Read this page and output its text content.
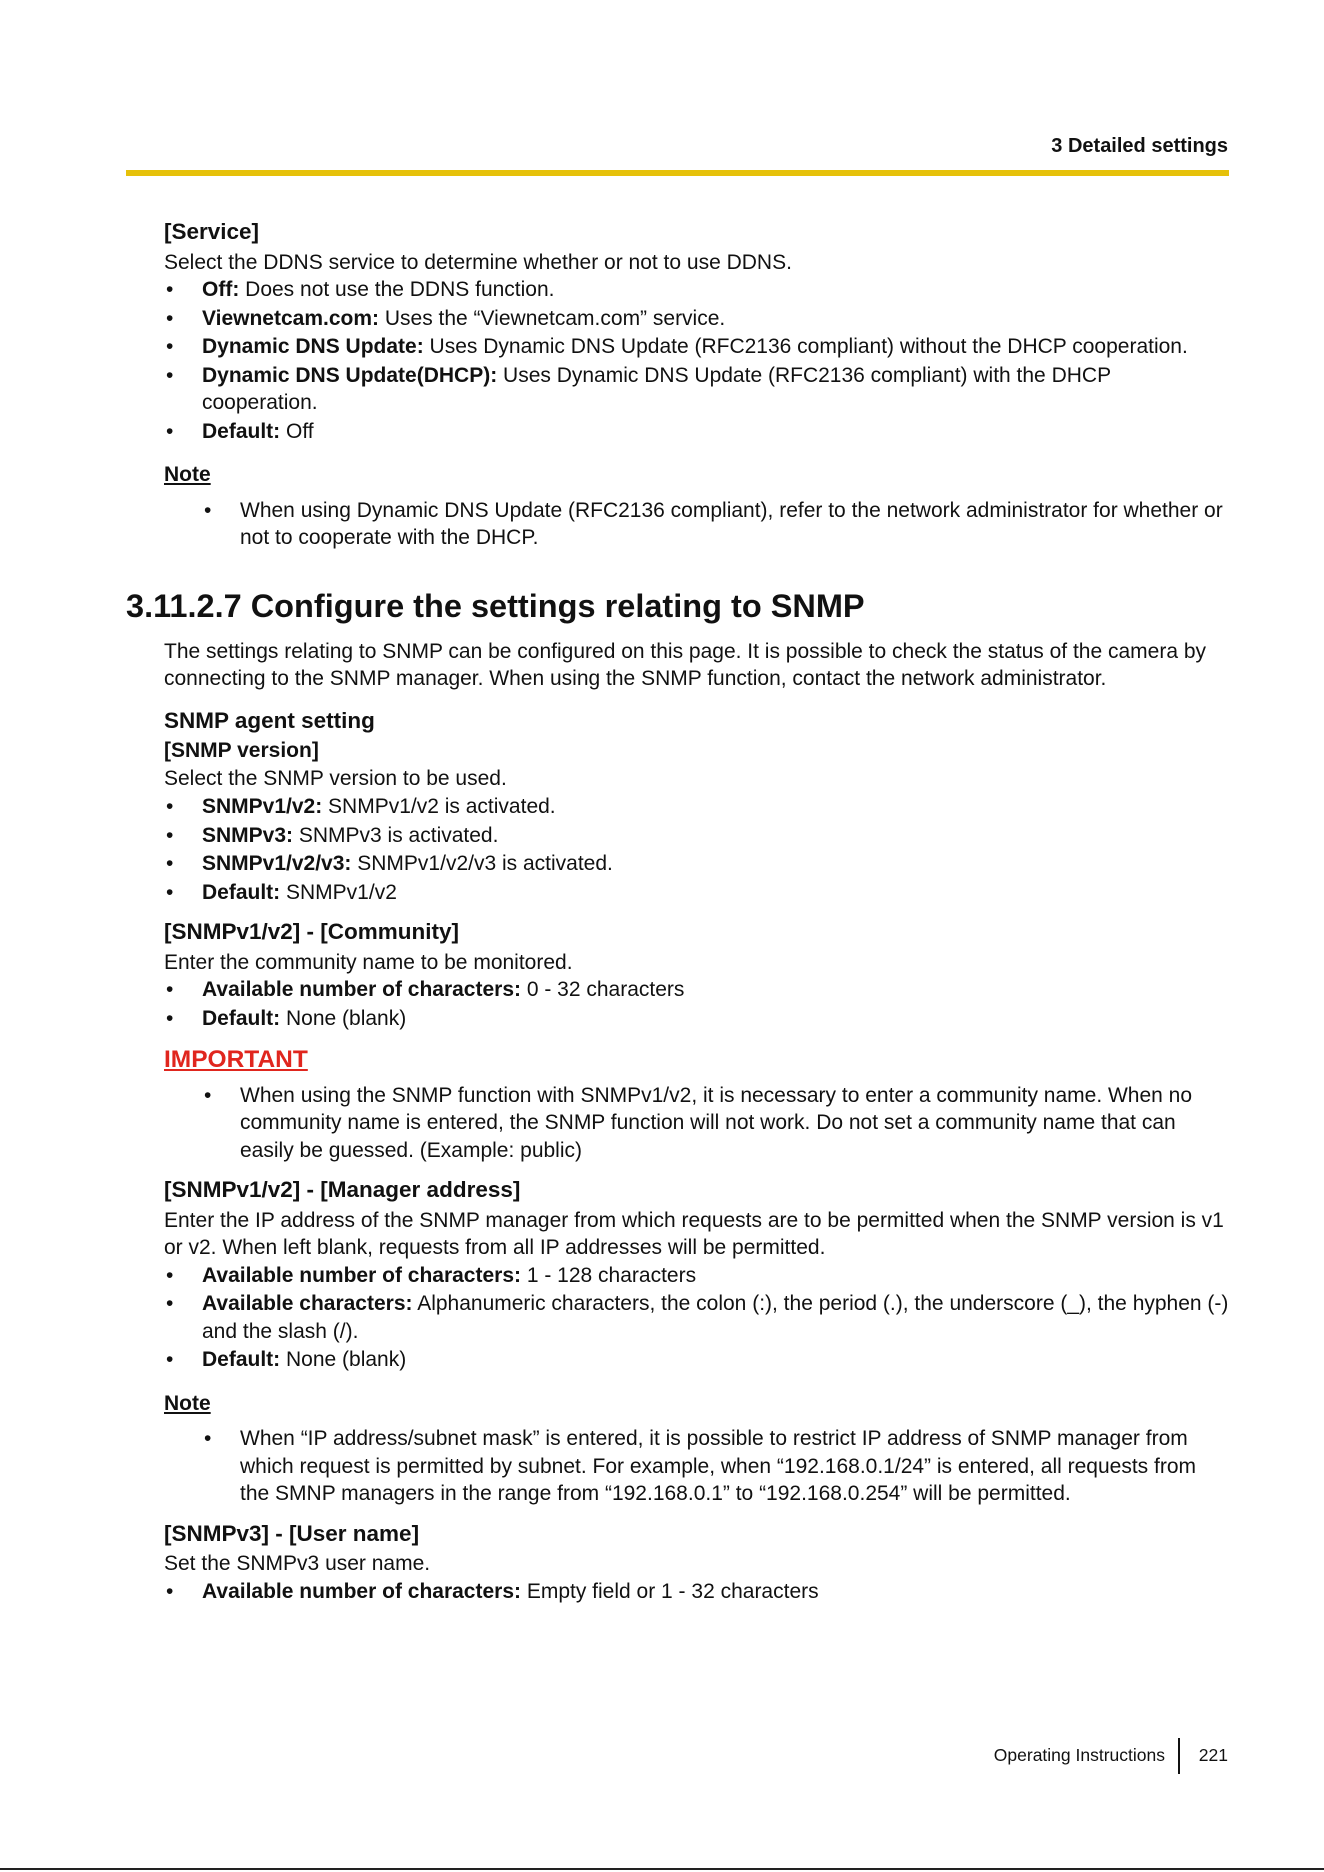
3 Detailed settings

[Service]

Select the DDNS service to determine whether or not to use DDNS.

• Off: Does not use the DDNS function.
• Viewnetcam.com: Uses the “Viewnetcam.com” service.
• Dynamic DNS Update: Uses Dynamic DNS Update (RFC2136 compliant) without the DHCP cooperation.
• Dynamic DNS Update(DHCP): Uses Dynamic DNS Update (RFC2136 compliant) with the DHCP cooperation.
• Default: Off

Note

• When using Dynamic DNS Update (RFC2136 compliant), refer to the network administrator for whether or not to cooperate with the DHCP.

3.11.2.7 Configure the settings relating to SNMP

The settings relating to SNMP can be configured on this page. It is possible to check the status of the camera by connecting to the SNMP manager. When using the SNMP function, contact the network administrator.

SNMP agent setting

[SNMP version]

Select the SNMP version to be used.

• SNMPv1/v2: SNMPv1/v2 is activated.
• SNMPv3: SNMPv3 is activated.
• SNMPv1/v2/v3: SNMPv1/v2/v3 is activated.
• Default: SNMPv1/v2

[SNMPv1/v2] - [Community]

Enter the community name to be monitored.

• Available number of characters: 0 - 32 characters
• Default: None (blank)

IMPORTANT

• When using the SNMP function with SNMPv1/v2, it is necessary to enter a community name. When no community name is entered, the SNMP function will not work. Do not set a community name that can easily be guessed. (Example: public)

[SNMPv1/v2] - [Manager address]

Enter the IP address of the SNMP manager from which requests are to be permitted when the SNMP version is v1 or v2. When left blank, requests from all IP addresses will be permitted.

• Available number of characters: 1 - 128 characters
• Available characters: Alphanumeric characters, the colon (:), the period (.), the underscore (_), the hyphen (-) and the slash (/).
• Default: None (blank)

Note

• When “IP address/subnet mask” is entered, it is possible to restrict IP address of SNMP manager from which request is permitted by subnet. For example, when “192.168.0.1/24” is entered, all requests from the SMNP managers in the range from “192.168.0.1” to “192.168.0.254” will be permitted.

[SNMPv3] - [User name]

Set the SNMPv3 user name.

• Available number of characters: Empty field or 1 - 32 characters
Operating Instructions 221
